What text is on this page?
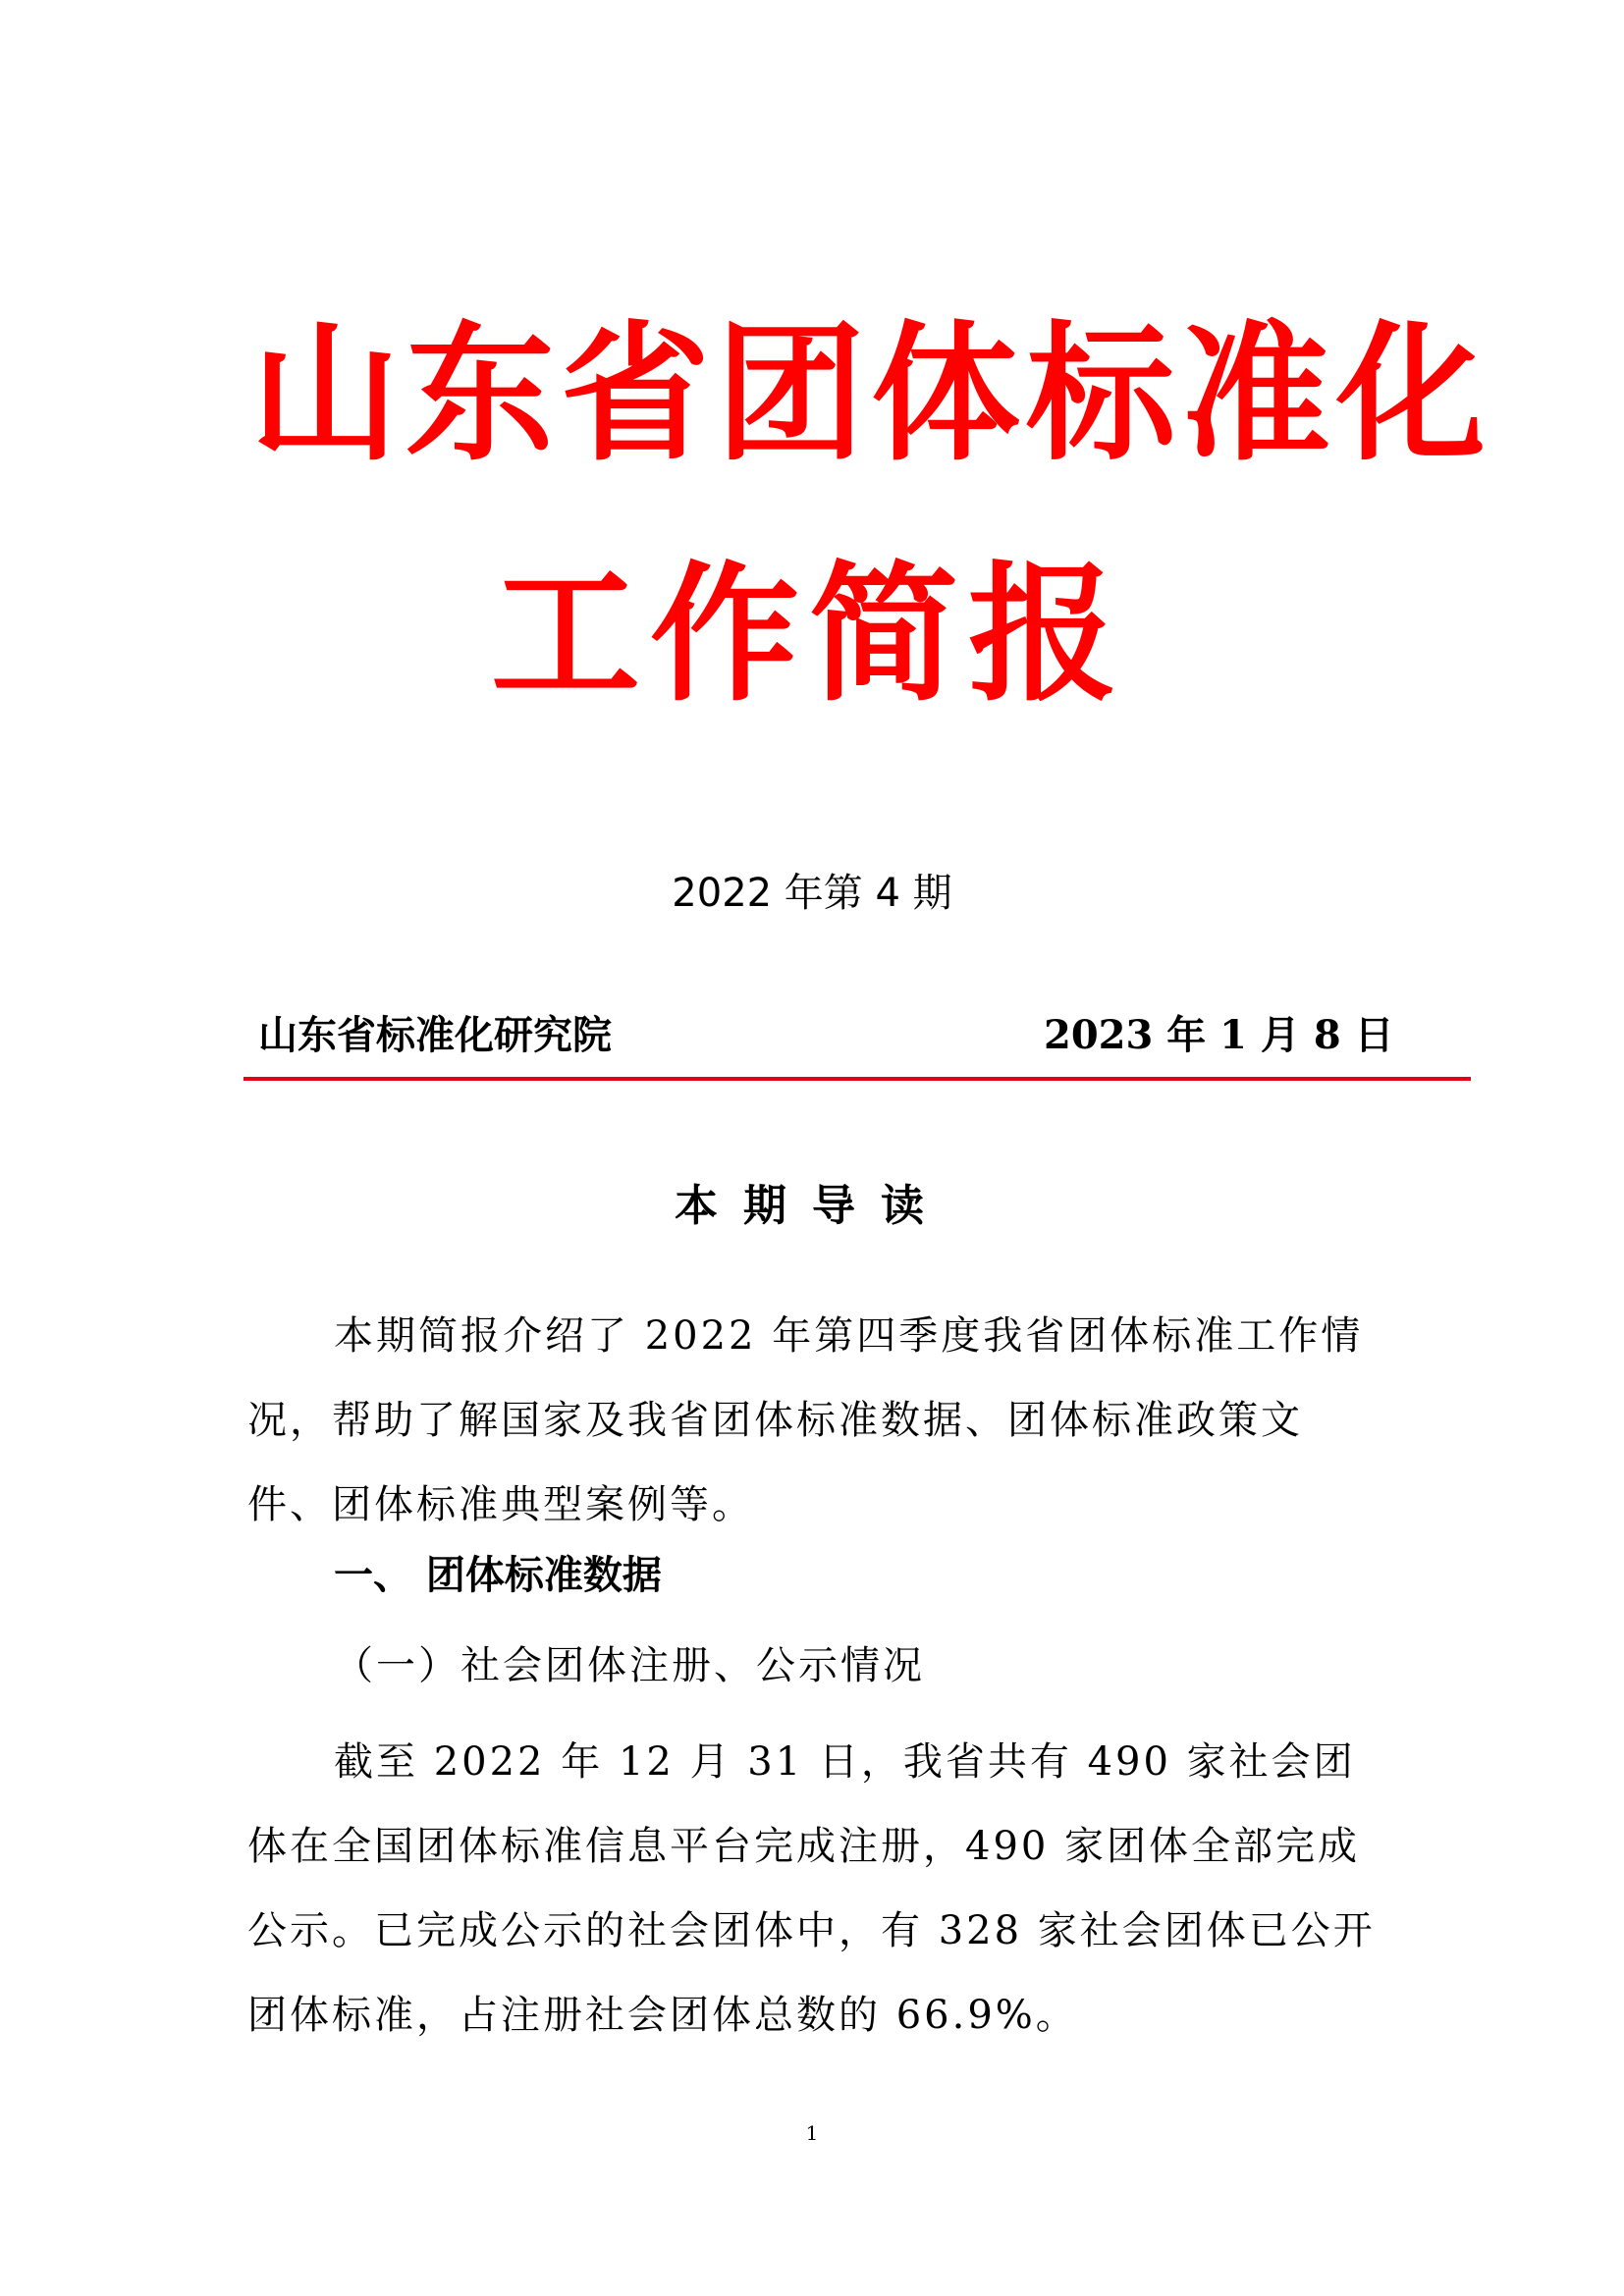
山东省团体标准化
工作简报
2022 年第 4 期
山东省标准化研究院	2023 年 1 月 8 日
本期导读

本期简报介绍了 2022 年第四季度我省团体标准工作情况，帮助了解国家及我省团体标准数据、团体标准政策文件、团体标准典型案例等。

一、 团体标准数据
（一）社会团体注册、公示情况

截至 2022 年 12 月 31 日，我省共有 490 家社会团体在全国团体标准信息平台完成注册，490 家团体全部完成公示。已完成公示的社会团体中，有 328 家社会团体已公开团体标准，占注册社会团体总数的 66.9%。

1
